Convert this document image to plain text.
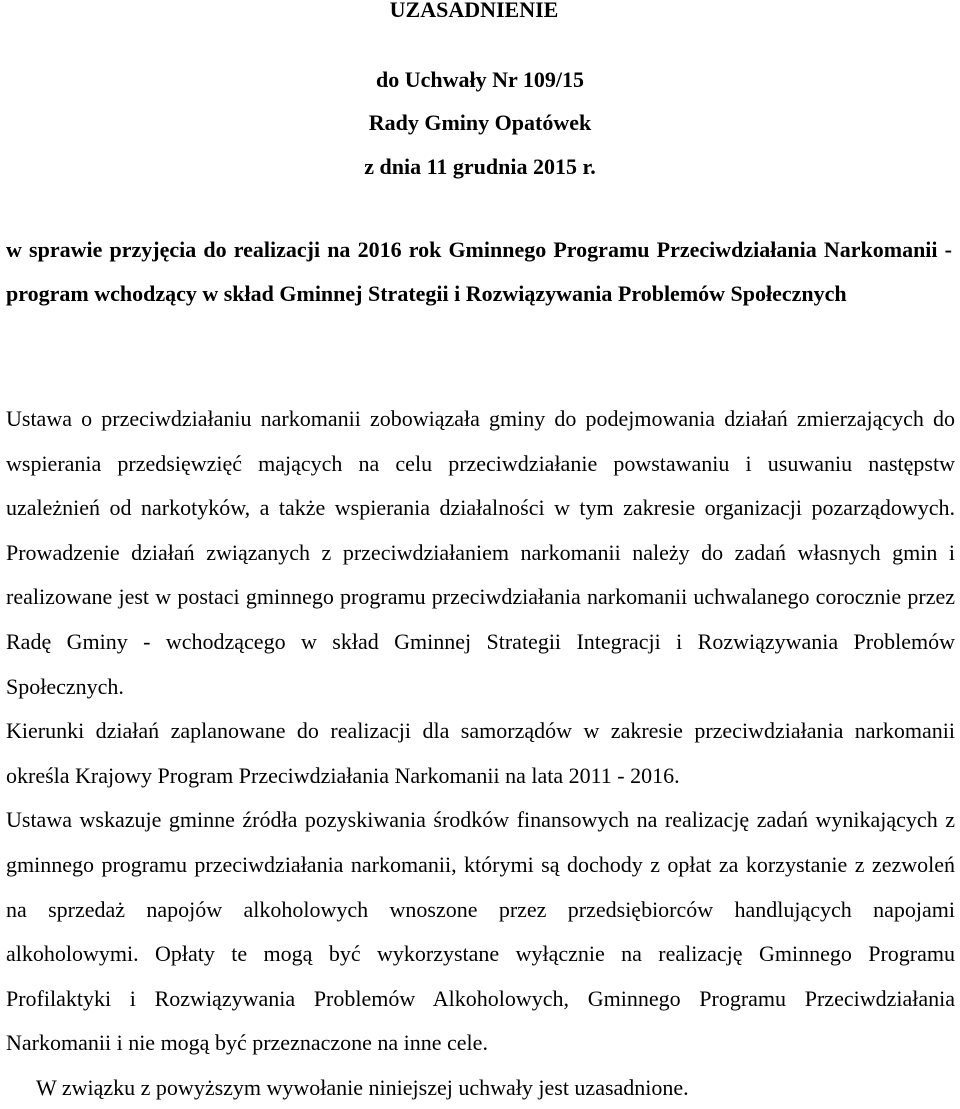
UZASADNIENIE
do Uchwały Nr 109/15
Rady Gminy Opatówek
z dnia 11 grudnia 2015 r.
w sprawie przyjęcia do realizacji na 2016 rok Gminnego Programu Przeciwdziałania Narkomanii - program wchodzący w skład Gminnej Strategii i Rozwiązywania Problemów Społecznych

Ustawa o przeciwdziałaniu narkomanii zobowiązała gminy do podejmowania działań zmierzających do wspierania przedsięwzięć mających na celu przeciwdziałanie powstawaniu i usuwaniu następstw uzależnień od narkotyków, a także wspierania działalności w tym zakresie organizacji pozarządowych. Prowadzenie działań związanych z przeciwdziałaniem narkomanii należy do zadań własnych gmin i realizowane jest w postaci gminnego programu przeciwdziałania narkomanii uchwalanego corocznie przez Radę Gminy - wchodzącego w skład Gminnej Strategii Integracji i Rozwiązywania Problemów Społecznych.

Kierunki działań zaplanowane do realizacji dla samorządów w zakresie przeciwdziałania narkomanii określa Krajowy Program Przeciwdziałania Narkomanii na lata 2011 - 2016.

Ustawa wskazuje gminne źródła pozyskiwania środków finansowych na realizację zadań wynikających z gminnego programu przeciwdziałania narkomanii, którymi są dochody z opłat za korzystanie z zezwoleń na sprzedaż napojów alkoholowych wnoszone przez przedsiębiorców handlujących napojami alkoholowymi. Opłaty te mogą być wykorzystane wyłącznie na realizację Gminnego Programu Profilaktyki i Rozwiązywania Problemów Alkoholowych, Gminnego Programu Przeciwdziałania Narkomanii i nie mogą być przeznaczone na inne cele.

W związku z powyższym wywołanie niniejszej uchwały jest uzasadnione.
